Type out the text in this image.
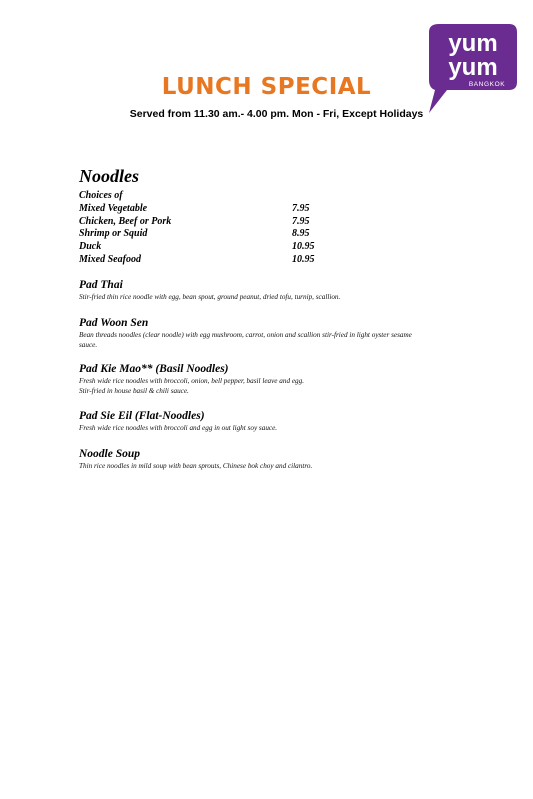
yum
yum
BANGKOK
LUNCH SPECIAL
Served from 11.30 am.- 4.00 pm. Mon - Fri, Except Holidays
Noodles
Choices of
Mixed Vegetable	7.95
Chicken, Beef or Pork	7.95
Shrimp or Squid	8.95
Duck	10.95
Mixed Seafood	10.95
Pad Thai
Stir-fried thin rice noodle with egg, bean spout, ground peanut, dried tofu, turnip, scallion.
Pad Woon Sen
Bean threads noodles (clear noodle) with egg mushroom, carrot, onion and scallion stir-fried in light oyster sesame
sauce.
Pad Kie Mao** (Basil Noodles)
Fresh wide rice noodles with broccoli, onion, bell pepper, basil leave and egg.
Stir-fried in house basil & chili sauce.
Pad Sie Eil (Flat-Noodles)
Fresh wide rice noodles with broccoli and egg in out light soy sauce.
Noodle Soup
Thin rice noodles in mild soup with bean sprouts, Chinese bok choy and cilantro.
